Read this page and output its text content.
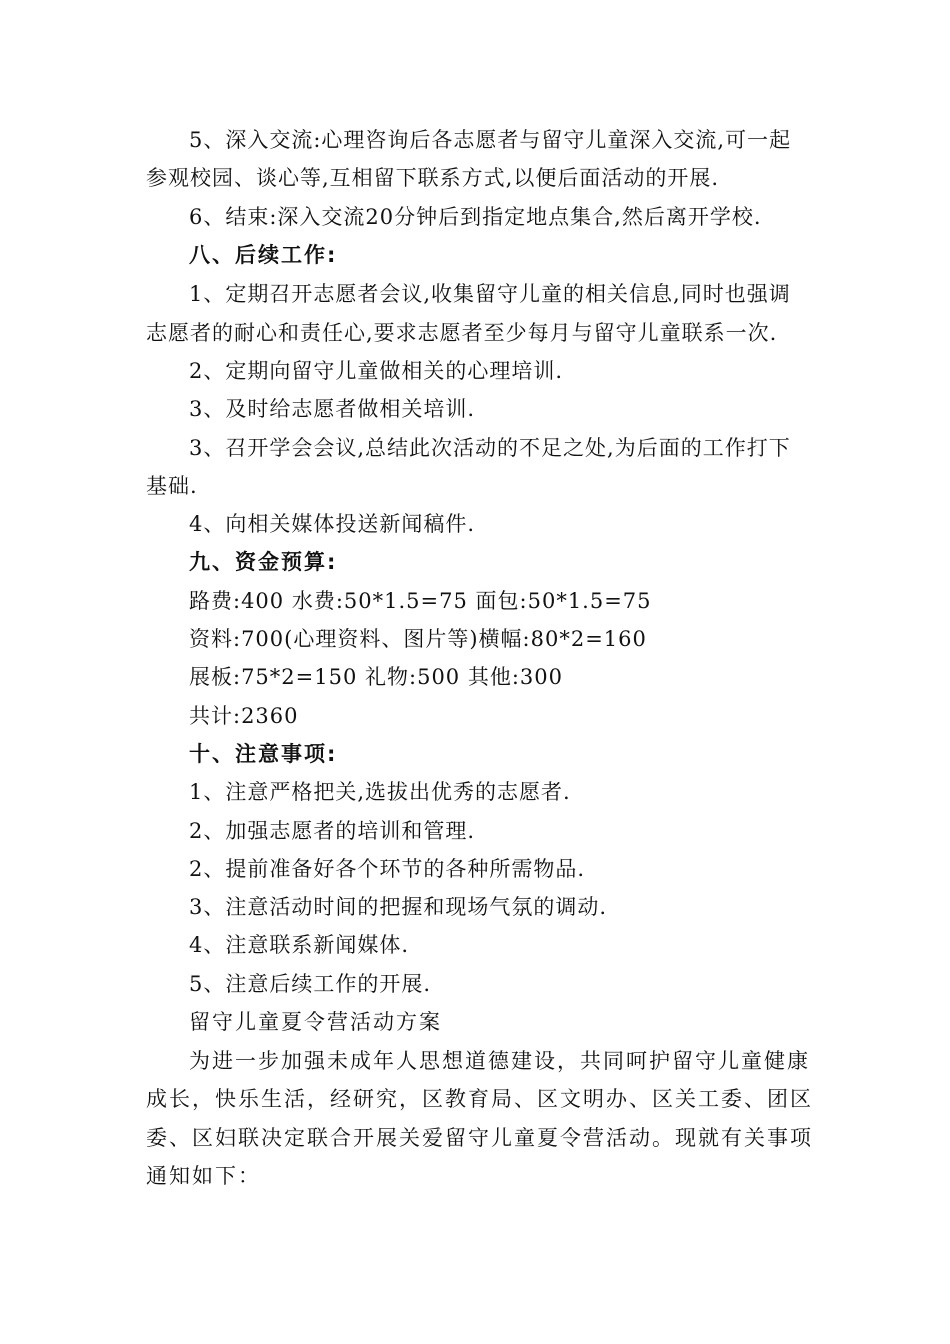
5、深入交流:心理咨询后各志愿者与留守儿童深入交流,可一起
参观校园、谈心等,互相留下联系方式,以便后面活动的开展.
6、结束:深入交流20分钟后到指定地点集合,然后离开学校.
八、后续工作:
1、定期召开志愿者会议,收集留守儿童的相关信息,同时也强调
志愿者的耐心和责任心,要求志愿者至少每月与留守儿童联系一次.
2、定期向留守儿童做相关的心理培训.
3、及时给志愿者做相关培训.
3、召开学会会议,总结此次活动的不足之处,为后面的工作打下
基础.
4、向相关媒体投送新闻稿件.
九、资金预算:
路费:400 水费:50*1.5=75 面包:50*1.5=75
资料:700(心理资料、图片等)横幅:80*2=160
展板:75*2=150 礼物:500 其他:300
共计:2360
十、注意事项:
1、注意严格把关,选拔出优秀的志愿者.
2、加强志愿者的培训和管理.
2、提前准备好各个环节的各种所需物品.
3、注意活动时间的把握和现场气氛的调动.
4、注意联系新闻媒体.
5、注意后续工作的开展.
留守儿童夏令营活动方案
为进一步加强未成年人思想道德建设，共同呵护留守儿童健康
成长，快乐生活，经研究，区教育局、区文明办、区关工委、团区
委、区妇联决定联合开展关爱留守儿童夏令营活动。现就有关事项
通知如下：
